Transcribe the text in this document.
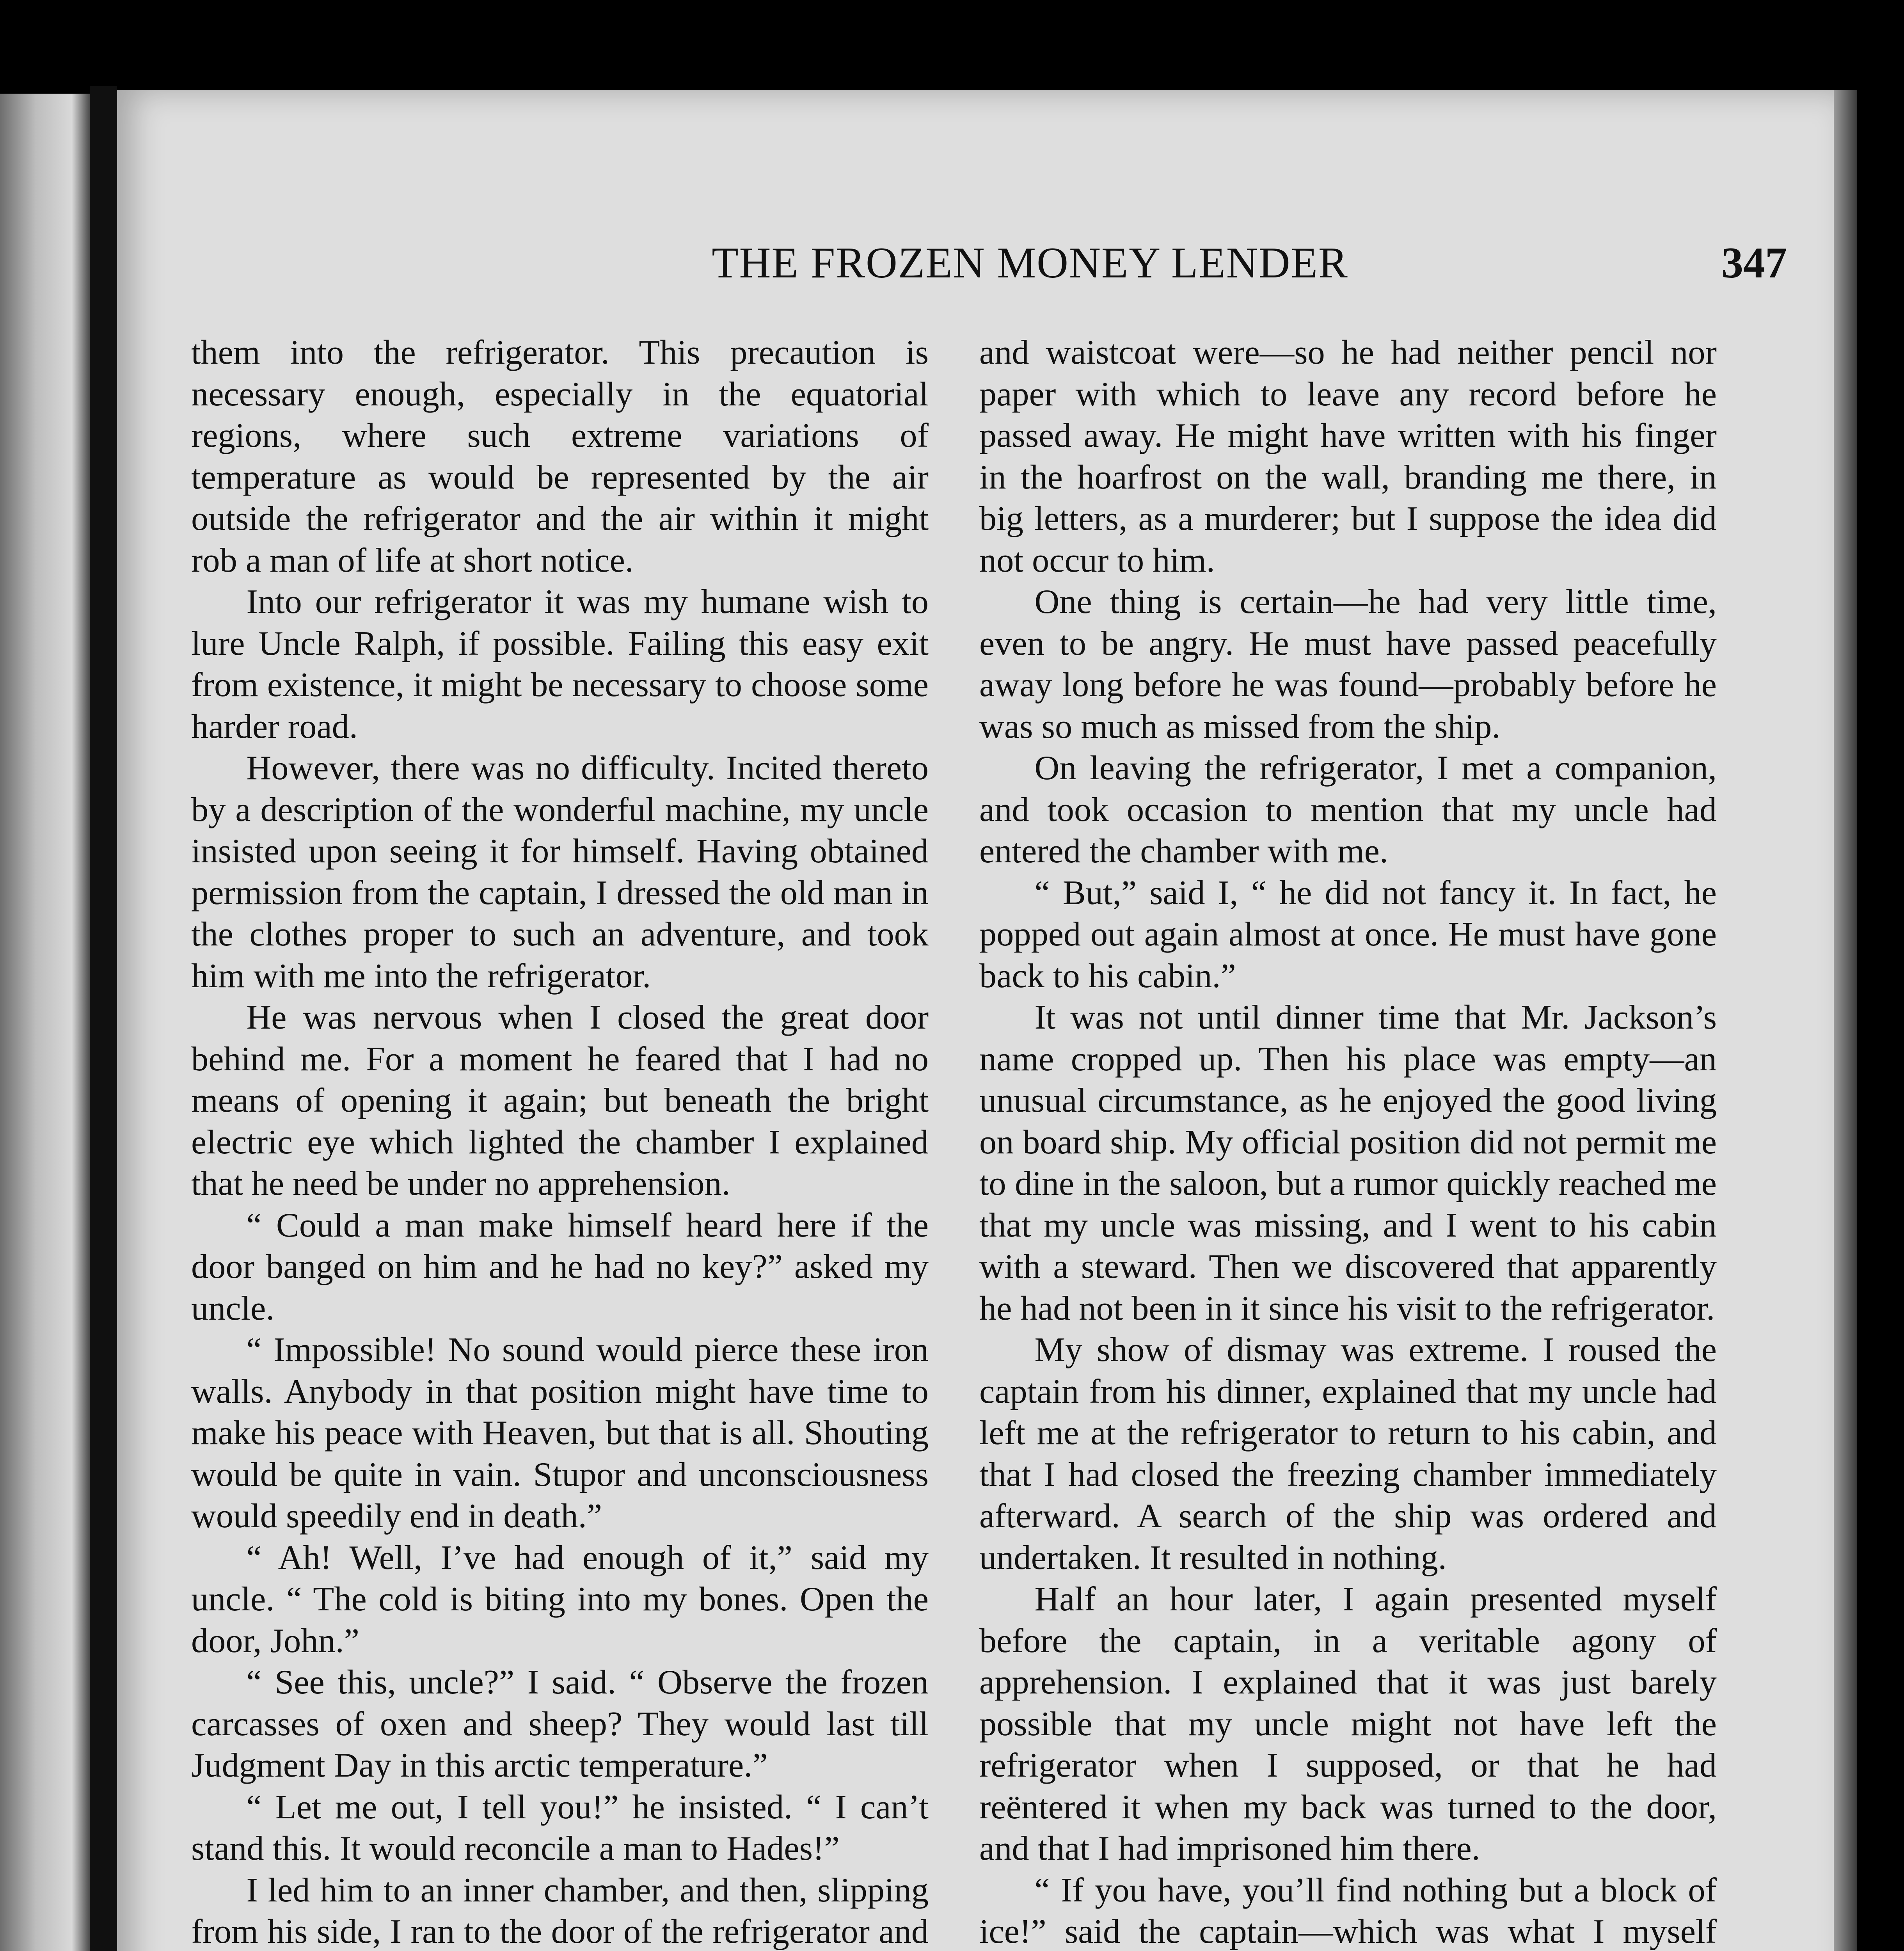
THE FROZEN MONEY LENDER	347

them into the refrigerator. This precaution is necessary enough, especially in the equatorial regions, where such extreme variations of temperature as would be represented by the air outside the refrigerator and the air within it might rob a man of life at short notice.

Into our refrigerator it was my humane wish to lure Uncle Ralph, if possible. Failing this easy exit from existence, it might be necessary to choose some harder road.

However, there was no difficulty. Incited thereto by a description of the wonderful machine, my uncle insisted upon seeing it for himself. Having obtained permission from the captain, I dressed the old man in the clothes proper to such an adventure, and took him with me into the refrigerator.

He was nervous when I closed the great door behind me. For a moment he feared that I had no means of opening it again; but beneath the bright electric eye which lighted the chamber I explained that he need be under no apprehension.

“ Could a man make himself heard here if the door banged on him and he had no key?” asked my uncle.

“ Impossible! No sound would pierce these iron walls. Anybody in that position might have time to make his peace with Heaven, but that is all. Shouting would be quite in vain. Stupor and unconsciousness would speedily end in death.”

“ Ah! Well, I’ve had enough of it,” said my uncle. “ The cold is biting into my bones. Open the door, John.”

“ See this, uncle?” I said. “ Observe the frozen carcasses of oxen and sheep? They would last till Judgment Day in this arctic temperature.”

“ Let me out, I tell you!” he insisted. “ I can’t stand this. It would reconcile a man to Hades!”

I led him to an inner chamber, and then, slipping from his side, I ran to the door of the refrigerator and

and waistcoat were—so he had neither pencil nor paper with which to leave any record before he passed away. He might have written with his finger in the hoarfrost on the wall, branding me there, in big letters, as a murderer; but I suppose the idea did not occur to him.

One thing is certain—he had very little time, even to be angry. He must have passed peacefully away long before he was found—probably before he was so much as missed from the ship.

On leaving the refrigerator, I met a companion, and took occasion to mention that my uncle had entered the chamber with me.

“ But,” said I, “ he did not fancy it. In fact, he popped out again almost at once. He must have gone back to his cabin.”

It was not until dinner time that Mr. Jackson’s name cropped up. Then his place was empty—an unusual circumstance, as he enjoyed the good living on board ship. My official position did not permit me to dine in the saloon, but a rumor quickly reached me that my uncle was missing, and I went to his cabin with a steward. Then we discovered that apparently he had not been in it since his visit to the refrigerator.

My show of dismay was extreme. I roused the captain from his dinner, explained that my uncle had left me at the refrigerator to return to his cabin, and that I had closed the freezing chamber immediately afterward. A search of the ship was ordered and undertaken. It resulted in nothing.

Half an hour later, I again presented myself before the captain, in a veritable agony of apprehension. I explained that it was just barely possible that my uncle might not have left the refrigerator when I supposed, or that he had reëntered it when my back was turned to the door, and that I had imprisoned him there.

“ If you have, you’ll find nothing but a block of ice!” said the captain—which was what I myself
